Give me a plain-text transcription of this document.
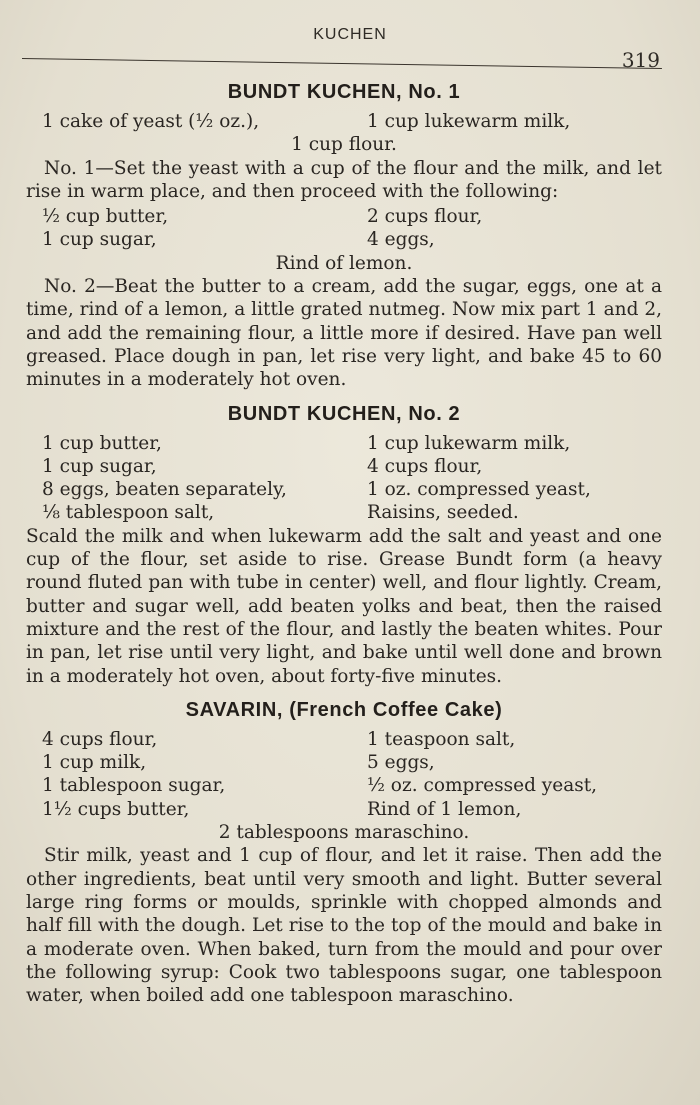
KUCHEN
319
BUNDT KUCHEN, No. 1
1 cake of yeast (½ oz.),	1 cup lukewarm milk,
1 cup flour.

No. 1—Set the yeast with a cup of the flour and the milk, and let rise in warm place, and then proceed with the following:

½ cup butter,	2 cups flour,
1 cup sugar,	4 eggs,
Rind of lemon.

No. 2—Beat the butter to a cream, add the sugar, eggs, one at a time, rind of a lemon, a little grated nutmeg. Now mix part 1 and 2, and add the remaining flour, a little more if desired. Have pan well greased. Place dough in pan, let rise very light, and bake 45 to 60 minutes in a moderately hot oven.

BUNDT KUCHEN, No. 2
1 cup butter,	1 cup lukewarm milk,
1 cup sugar,	4 cups flour,
8 eggs, beaten separately,	1 oz. compressed yeast,
⅛ tablespoon salt,	Raisins, seeded.

Scald the milk and when lukewarm add the salt and yeast and one cup of the flour, set aside to rise. Grease Bundt form (a heavy round fluted pan with tube in center) well, and flour lightly. Cream, butter and sugar well, add beaten yolks and beat, then the raised mixture and the rest of the flour, and lastly the beaten whites. Pour in pan, let rise until very light, and bake until well done and brown in a moderately hot oven, about forty-five minutes.

SAVARIN, (French Coffee Cake)
4 cups flour,	1 teaspoon salt,
1 cup milk,	5 eggs,
1 tablespoon sugar,	½ oz. compressed yeast,
1½ cups butter,	Rind of 1 lemon,
2 tablespoons maraschino.

Stir milk, yeast and 1 cup of flour, and let it raise. Then add the other ingredients, beat until very smooth and light. Butter several large ring forms or moulds, sprinkle with chopped almonds and half fill with the dough. Let rise to the top of the mould and bake in a moderate oven. When baked, turn from the mould and pour over the following syrup: Cook two tablespoons sugar, one tablespoon water, when boiled add one tablespoon maraschino.
